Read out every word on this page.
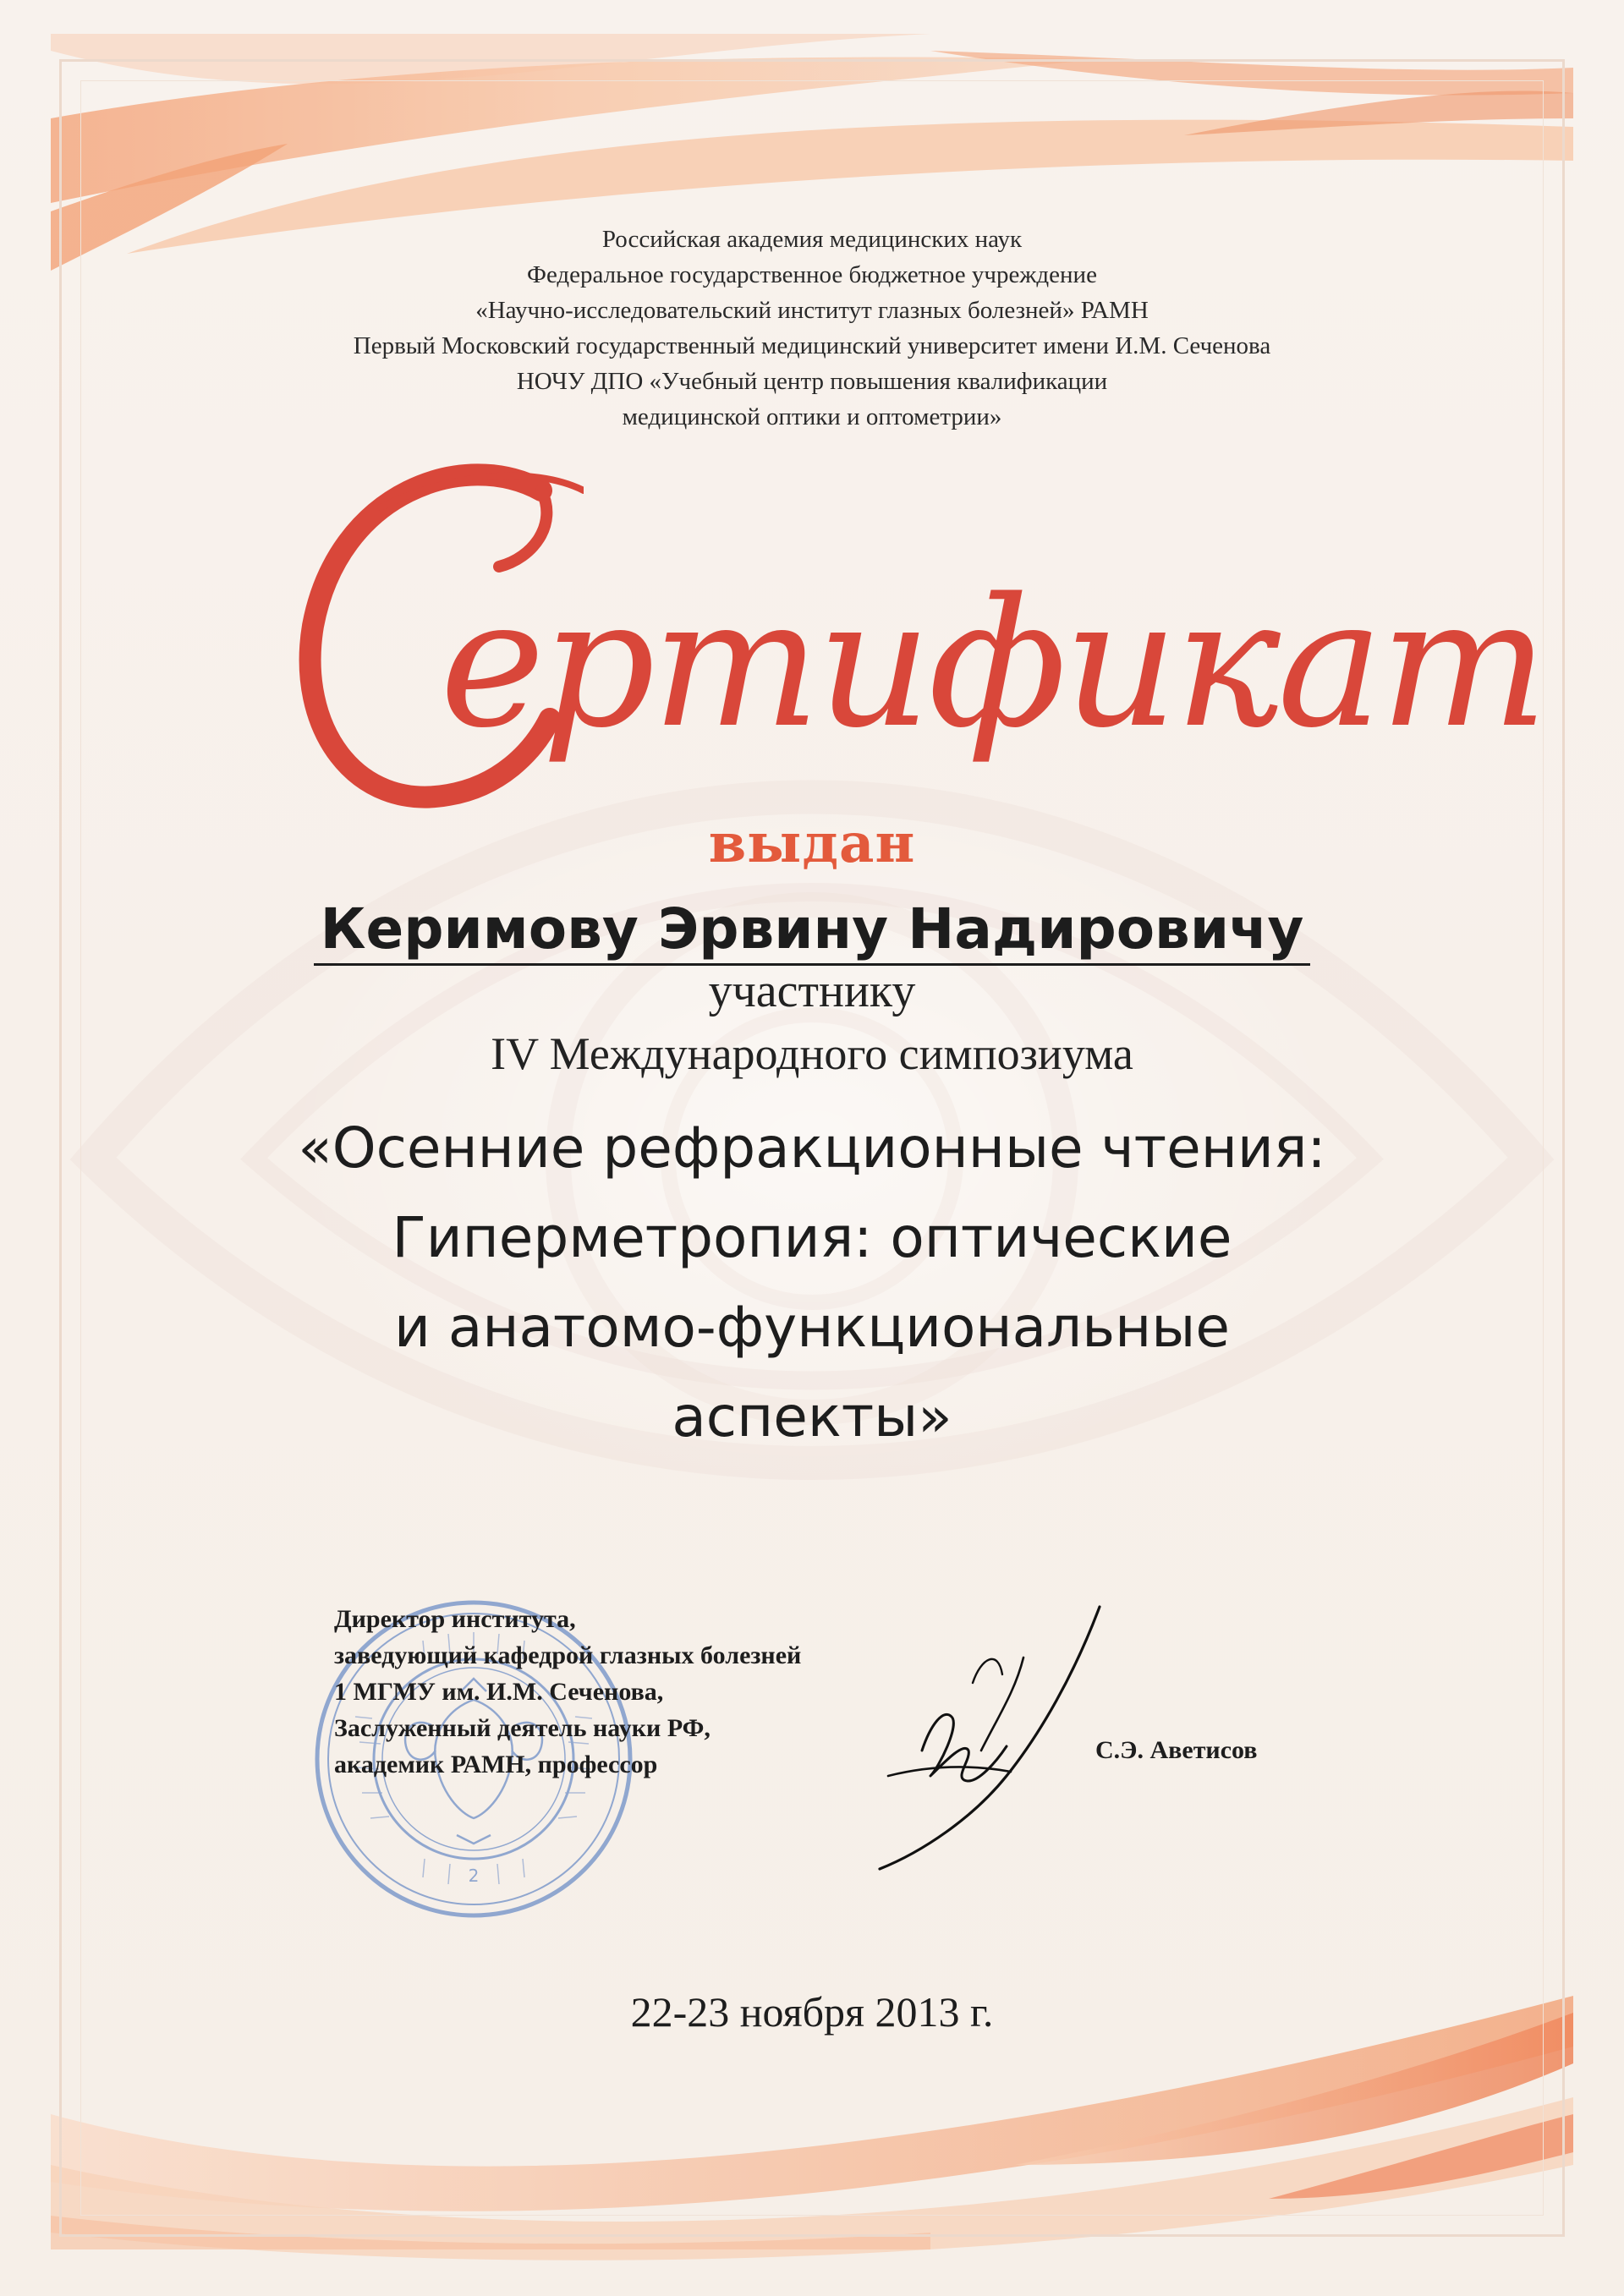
Российская академия медицинских наук
Федеральное государственное бюджетное учреждение
«Научно-исследовательский институт глазных болезней» РАМН
Первый Московский государственный медицинский университет имени И.М. Сеченова
НОЧУ ДПО «Учебный центр повышения квалификации
медицинской оптики и оптометрии»
С
ертификат
выдан
Керимову Эрвину Надировичу
участнику
IV Международного симпозиума
«Осенние рефракционные чтения:
Гиперметропия: оптические
и анатомо-функциональные
аспекты»
2
Директор института,
заведующий кафедрой глазных болезней
1 МГМУ им. И.М. Сеченова,
Заслуженный деятель науки РФ,
академик РАМН, профессор
С.Э. Аветисов
22-23 ноября 2013 г.
